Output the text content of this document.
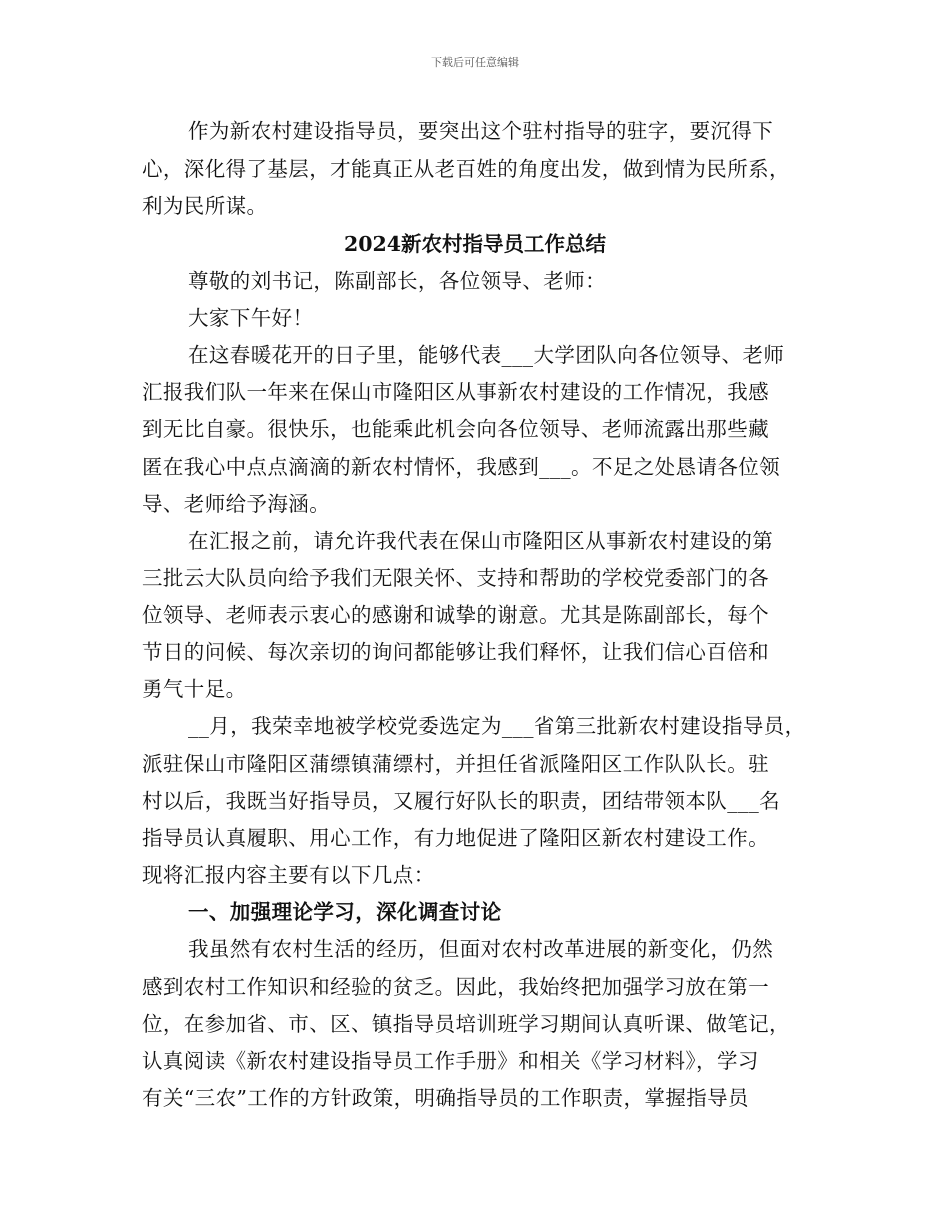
下载后可任意编辑
作为新农村建设指导员，要突出这个驻村指导的驻字，要沉得下
心，深化得了基层，才能真正从老百姓的角度出发，做到情为民所系，
利为民所谋。
2024新农村指导员工作总结
尊敬的刘书记，陈副部长，各位领导、老师：
大家下午好！
在这春暖花开的日子里，能够代表___大学团队向各位领导、老师
汇报我们队一年来在保山市隆阳区从事新农村建设的工作情况，我感
到无比自豪。很快乐，也能乘此机会向各位领导、老师流露出那些藏
匿在我心中点点滴滴的新农村情怀，我感到___。不足之处恳请各位领
导、老师给予海涵。
在汇报之前，请允许我代表在保山市隆阳区从事新农村建设的第
三批云大队员向给予我们无限关怀、支持和帮助的学校党委部门的各
位领导、老师表示衷心的感谢和诚挚的谢意。尤其是陈副部长，每个
节日的问候、每次亲切的询问都能够让我们释怀，让我们信心百倍和
勇气十足。
__月，我荣幸地被学校党委选定为___省第三批新农村建设指导员，
派驻保山市隆阳区蒲缥镇蒲缥村，并担任省派隆阳区工作队队长。驻
村以后，我既当好指导员，又履行好队长的职责，团结带领本队___名
指导员认真履职、用心工作，有力地促进了隆阳区新农村建设工作。
现将汇报内容主要有以下几点：
一、加强理论学习，深化调查讨论
我虽然有农村生活的经历，但面对农村改革进展的新变化，仍然
感到农村工作知识和经验的贫乏。因此，我始终把加强学习放在第一
位，在参加省、市、区、镇指导员培训班学习期间认真听课、做笔记，
认真阅读《新农村建设指导员工作手册》和相关《学习材料》，学习
有关“三农”工作的方针政策，明确指导员的工作职责，掌握指导员
